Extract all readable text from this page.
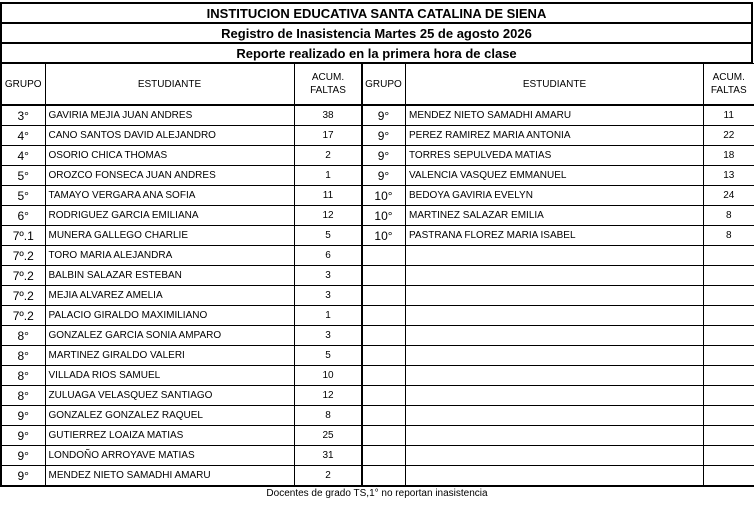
INSTITUCION EDUCATIVA SANTA CATALINA DE SIENA
Registro de Inasistencia Martes 25 de agosto 2026
Reporte realizado en la primera hora de clase
GRUPO	ESTUDIANTE	ACUM.
FALTAS
3°	GAVIRIA MEJIA JUAN ANDRES	38
4°	CANO SANTOS DAVID ALEJANDRO	17
4°	OSORIO CHICA THOMAS	2
5°	OROZCO FONSECA JUAN ANDRES	1
5°	TAMAYO VERGARA ANA SOFIA	11
6°	RODRIGUEZ GARCIA EMILIANA	12
7º.1	MUNERA GALLEGO CHARLIE	5
7º.2	TORO MARIA ALEJANDRA	6
7º.2	BALBIN SALAZAR ESTEBAN	3
7º.2	MEJIA ALVAREZ AMELIA	3
7º.2	PALACIO GIRALDO MAXIMILIANO	1
8°	GONZALEZ GARCIA SONIA AMPARO	3
8°	MARTINEZ GIRALDO VALERI	5
8°	VILLADA RIOS SAMUEL	10
8°	ZULUAGA VELASQUEZ SANTIAGO	12
9°	GONZALEZ GONZALEZ RAQUEL	8
9°	GUTIERREZ LOAIZA MATIAS	25
9°	LONDOÑO ARROYAVE MATIAS	31
9°	MENDEZ NIETO SAMADHI AMARU	2
GRUPO	ESTUDIANTE	ACUM.
FALTAS
9°	MENDEZ NIETO SAMADHI AMARU	11
9°	PEREZ RAMIREZ MARIA ANTONIA	22
9°	TORRES SEPULVEDA MATIAS	18
9°	VALENCIA VASQUEZ EMMANUEL	13
10°	BEDOYA GAVIRIA EVELYN	24
10°	MARTINEZ SALAZAR EMILIA	8
10°	PASTRANA FLOREZ MARIA ISABEL	8

Docentes de grado TS,1° no reportan inasistencia
